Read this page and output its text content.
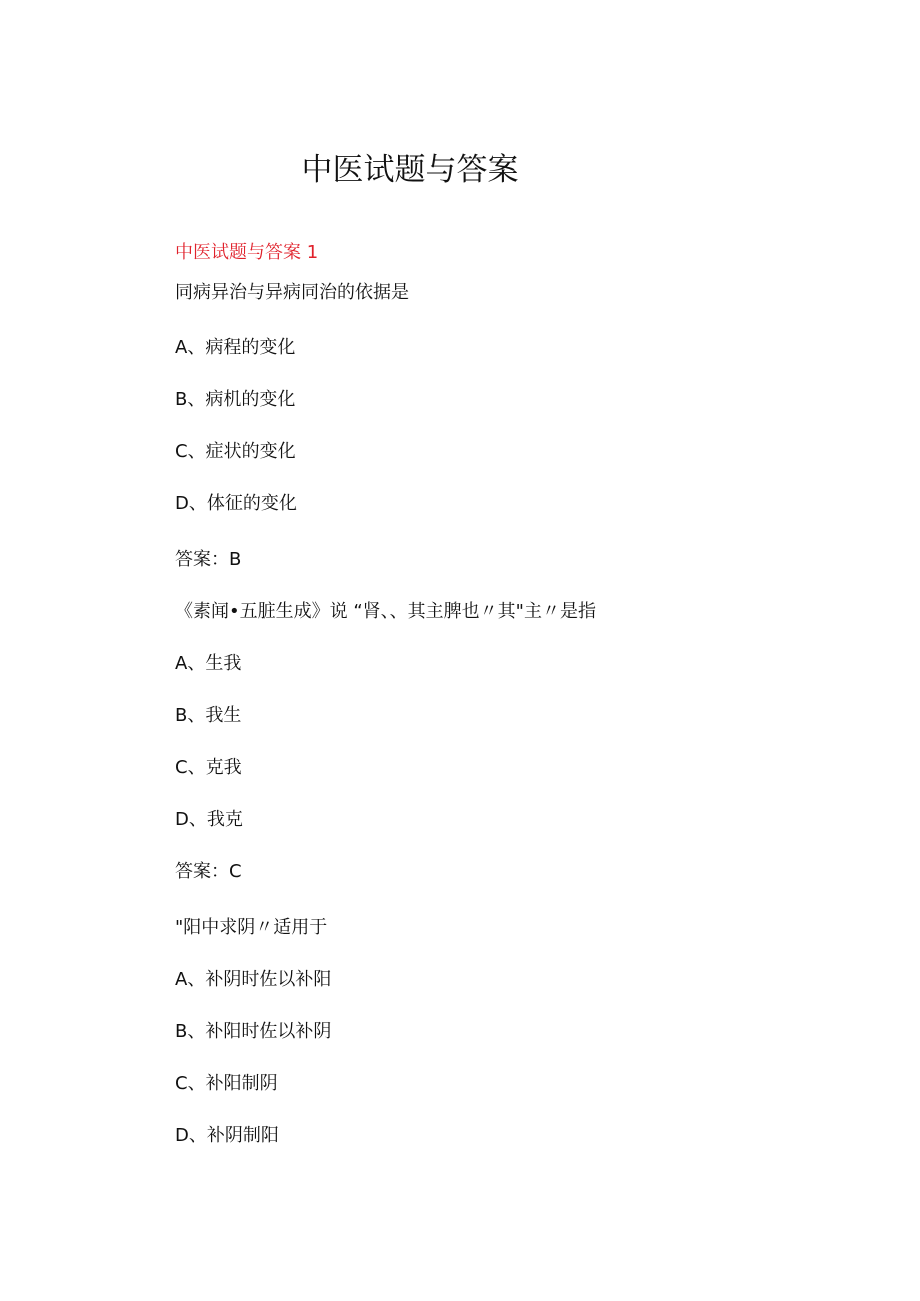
中医试题与答案
中医试题与答案 1
同病异治与异病同治的依据是
A、病程的变化
B、病机的变化
C、症状的变化
D、体征的变化
答案：B
《素闻•五脏生成》说 “肾、、其主脾也〃其"主〃是指
A、生我
B、我生
C、克我
D、我克
答案：C
"阳中求阴〃适用于
A、补阴时佐以补阳
B、补阳时佐以补阴
C、补阳制阴
D、补阴制阳
